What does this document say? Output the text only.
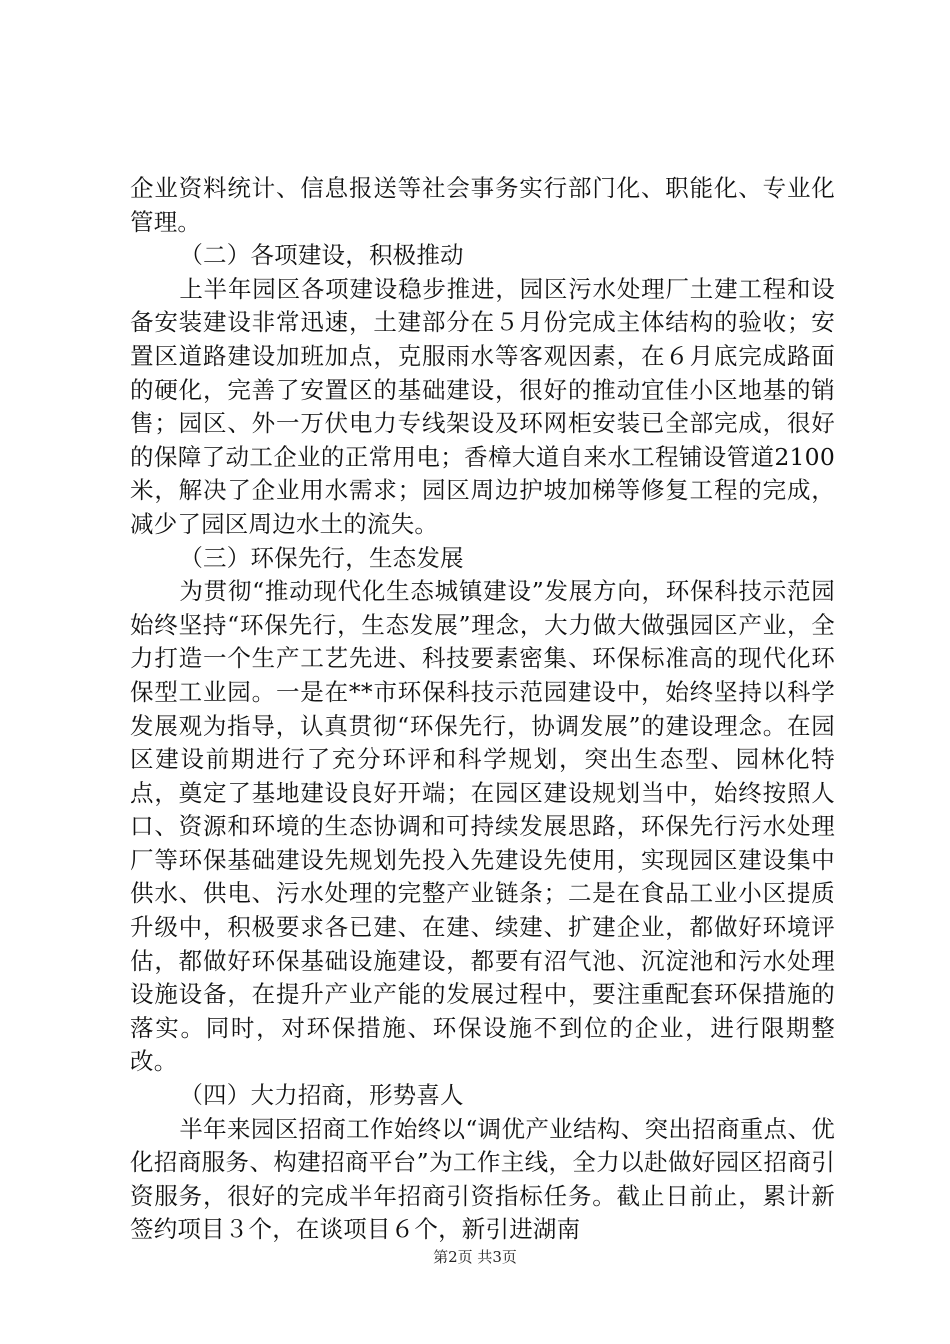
企业资料统计、信息报送等社会事务实行部门化、职能化、专业化管理。

（二）各项建设，积极推动

上半年园区各项建设稳步推进，园区污水处理厂土建工程和设备安装建设非常迅速，土建部分在５月份完成主体结构的验收；安置区道路建设加班加点，克服雨水等客观因素，在６月底完成路面的硬化，完善了安置区的基础建设，很好的推动宜佳小区地基的销售；园区、外一万伏电力专线架设及环网柜安装已全部完成，很好的保障了动工企业的正常用电；香樟大道自来水工程铺设管道2100米，解决了企业用水需求；园区周边护坡加梯等修复工程的完成，减少了园区周边水土的流失。

（三）环保先行，生态发展

为贯彻“推动现代化生态城镇建设”发展方向，环保科技示范园始终坚持“环保先行，生态发展”理念，大力做大做强园区产业，全力打造一个生产工艺先进、科技要素密集、环保标准高的现代化环保型工业园。一是在**市环保科技示范园建设中，始终坚持以科学发展观为指导，认真贯彻“环保先行，协调发展”的建设理念。在园区建设前期进行了充分环评和科学规划，突出生态型、园林化特点，奠定了基地建设良好开端；在园区建设规划当中，始终按照人口、资源和环境的生态协调和可持续发展思路，环保先行污水处理厂等环保基础建设先规划先投入先建设先使用，实现园区建设集中供水、供电、污水处理的完整产业链条；二是在食品工业小区提质升级中，积极要求各已建、在建、续建、扩建企业，都做好环境评估，都做好环保基础设施建设，都要有沼气池、沉淀池和污水处理设施设备，在提升产业产能的发展过程中，要注重配套环保措施的落实。同时，对环保措施、环保设施不到位的企业，进行限期整改。

（四）大力招商，形势喜人

半年来园区招商工作始终以“调优产业结构、突出招商重点、优化招商服务、构建招商平台”为工作主线，全力以赴做好园区招商引资服务，很好的完成半年招商引资指标任务。截止日前止，累计新签约项目３个，在谈项目６个，新引进湖南

第2页 共3页
